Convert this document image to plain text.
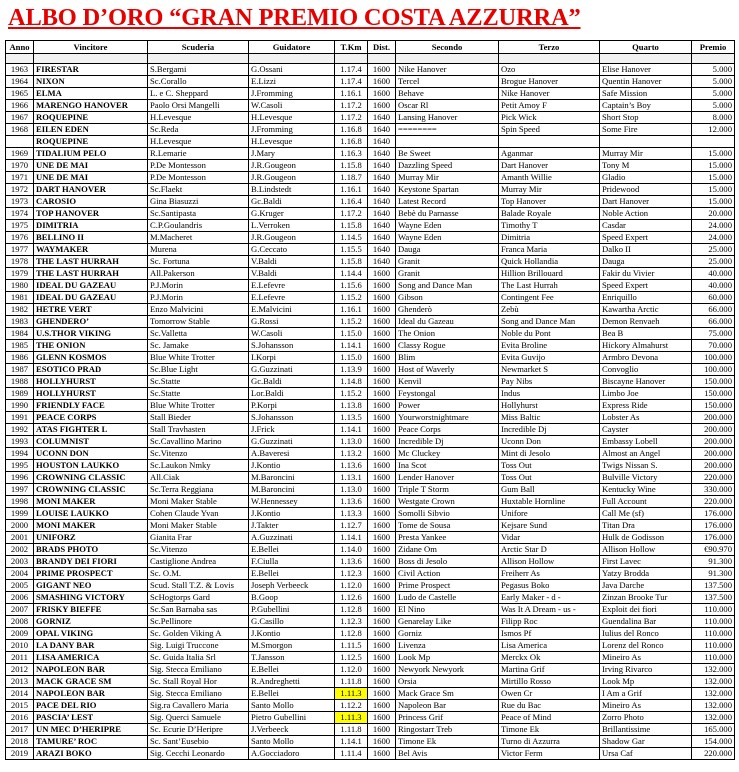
ALBO D’ORO “GRAN PREMIO COSTA AZZURRA”
Anno	Vincitore	Scuderia	Guidatore	T.Km	Dist.	Secondo	Terzo	Quarto	Premio

1963	FIRESTAR	S.Bergami	G.Ossani	1.17.4	1600	Nike Hanover	Ozo	Elise Hanover	5.000
1964	NIXON	Sc.Corallo	E.Lizzi	1.17.4	1600	Tercel	Brogue Hanover	Quentin Hanover	5.000
1965	ELMA	L. e C. Sheppard	J.Fromming	1.16.1	1600	Behave	Nike Hanover	Safe Mission	5.000
1966	MARENGO HANOVER	Paolo Orsi Mangelli	W.Casoli	1.17.2	1600	Oscar Rl	Petit Amoy F	Captain’s Boy	5.000
1967	ROQUEPINE	H.Levesque	H.Levesque	1.17.2	1640	Lansing Hanover	Pick Wick	Short Stop	8.000
1968	EILEN EDEN	Sc.Reda	J.Fromming	1.16.8	1640	========	Spin Speed	Some Fire	12.000
	ROQUEPINE	H.Levesque	H.Levesque	1.16.8	1640				
1969	TIDALIUM PELO	R.Lemarie	J.Mary	1.16.3	1640	Be Sweet	Aganmar	Murray Mir	15.000
1970	UNE DE MAI	P.De Montesson	J.R.Gougeon	1.15.8	1640	Dazzling Speed	Dart Hanover	Tony M	15.000
1971	UNE DE MAI	P.De Montesson	J.R.Gougeon	1.18.7	1640	Murray Mir	Amanth Willie	Gladio	15.000
1972	DART HANOVER	Sc.Flaekt	B.Lindstedt	1.16.1	1640	Keystone Spartan	Murray Mir	Pridewood	15.000
1973	CAROSIO	Gina Biasuzzi	Gc.Baldi	1.16.4	1640	Latest Record	Top Hanover	Dart Hanover	15.000
1974	TOP HANOVER	Sc.Santipasta	G.Kruger	1.17.2	1640	Bebè du Parnasse	Balade Royale	Noble Action	20.000
1975	DIMITRIA	C.P.Goulandris	L.Verroken	1.15.8	1640	Wayne Eden	Timothy T	Casdar	24.000
1976	BELLINO II	M.Macheret	J.R.Gougeon	1.14.5	1640	Wayne Eden	Dimitria	Speed Expert	24.000
1977	WAYMAKER	Murena	G.Ceccato	1.15.5	1640	Dauga	Franca Maria	Dalko II	25.000
1978	THE LAST HURRAH	Sc. Fortuna	V.Baldi	1.15.8	1640	Granit	Quick Hollandia	Dauga	25.000
1979	THE LAST HURRAH	All.Pakerson	V.Baldi	1.14.4	1600	Granit	Hillion Brillouard	Fakir du Vivier	40.000
1980	IDEAL DU GAZEAU	P.J.Morin	E.Lefevre	1.15.6	1600	Song and Dance Man	The Last Hurrah	Speed Expert	40.000
1981	IDEAL DU GAZEAU	P.J.Morin	E.Lefevre	1.15.2	1600	Gibson	Contingent Fee	Enriquillo	60.000
1982	HETRE VERT	Enzo Malvicini	E.Malvicini	1.16.1	1600	Ghenderò	Zebù	Kawartha Arctic	66.000
1983	GHENDERO’	Tomorrow Stable	G.Rossi	1.15.2	1600	Ideal du Gazeau	Song and Dance Man	Demon Renvaeh	66.000
1984	U.S.THOR VIKING	Sc.Valletta	W.Casoli	1.15.0	1600	The Onion	Noble du Pont	Bea B	75.000
1985	THE ONION	Sc. Jamake	S.Johansson	1.14.1	1600	Classy Rogue	Evita Broline	Hickory Almahurst	70.000
1986	GLENN KOSMOS	Blue White Trotter	I.Korpi	1.15.0	1600	Blim	Evita Guvijo	Armbro Devona	100.000
1987	ESOTICO PRAD	Sc.Blue Light	G.Guzzinati	1.13.9	1600	Host of Waverly	Newmarket S	Convoglio	100.000
1988	HOLLYHURST	Sc.Statte	Gc.Baldi	1.14.8	1600	Kenvil	Pay Nibs	Biscayne Hanover	150.000
1989	HOLLYHURST	Sc.Statte	Lor.Baldi	1.15.2	1600	Feystongal	Indus	Limbo Joe	150.000
1990	FRIENDLY FACE	Blue White Trotter	P.Korpi	1.13.8	1600	Power	Hollyhurst	Express Ride	150.000
1991	PEACE CORPS	Stall Bieder	S.Johansson	1.13.5	1600	Yourworstnightmare	Miss Baltic	Lobster As	200.000
1992	ATAS FIGHTER L	Stall Travhasten	J.Frick	1.14.1	1600	Peace Corps	Incredible Dj	Cayster	200.000
1993	COLUMNIST	Sc.Cavallino Marino	G.Guzzinati	1.13.0	1600	Incredible Dj	Uconn Don	Embassy Lobell	200.000
1994	UCONN DON	Sc.Vitenzo	A.Baveresi	1.13.2	1600	Mc Cluckey	Mint di Jesolo	Almost an Angel	200.000
1995	HOUSTON LAUKKO	Sc.Laukon Nmky	J.Kontio	1.13.6	1600	Ina Scot	Toss Out	Twigs Nissan S.	200.000
1996	CROWNING CLASSIC	All.Ciak	M.Baroncini	1.13.1	1600	Lender Hanover	Toss Out	Bulville Victory	220.000
1997	CROWNING CLASSIC	Sc.Terra Reggiana	M.Baroncini	1.13.0	1600	Triple T Storm	Gum Ball	Kentucky Wine	330.000
1998	MONI MAKER	Moni Maker Stable	W.Hennessey	1.13.6	1600	Westgate Crown	Huxtable Hornline	Full Account	220.000
1999	LOUISE LAUKKO	Cohen Claude Yvan	J.Kontio	1.13.3	1600	Somolli Sibvio	Unifore	Call Me (sf)	176.000
2000	MONI MAKER	Moni Maker Stable	J.Takter	1.12.7	1600	Tome de Sousa	Kejsare Sund	Titan Dra	176.000
2001	UNIFORZ	Gianita Frar	A.Guzzinati	1.14.1	1600	Presta Yankee	Vidar	Hulk de Godisson	176.000
2002	BRADS PHOTO	Sc.Vitenzo	E.Bellei	1.14.0	1600	Zidane Om	Arctic Star D	Allison Hollow	€90.970
2003	BRANDY DEI FIORI	Castiglione Andrea	F.Ciulla	1.13.6	1600	Boss di Jesolo	Allison Hollow	First Lavec	91.300
2004	PRIME PROSPECT	Sc. O.M.	E.Bellei	1.12.3	1600	Civil Action	Freiherr As	Yatzy Brodda	91.300
2005	GIGANT NEO	Scud. Stall T.Z. & Lovis	Joseph Verbeeck	1.12.0	1600	Prime Prospect	Pegasus Boko	Java Darche	137.500
2006	SMASHING VICTORY	ScHogtorps Gard	B.Goop	1.12.6	1600	Ludo de Castelle	Early Maker - d -	Zinzan Brooke Tur	137.500
2007	FRISKY BIEFFE	Sc.San Barnaba sas	P.Gubellini	1.12.8	1600	El Nino	Was It A Dream - us -	Exploit dei fiori	110.000
2008	GORNIZ	Sc.Pellinore	G.Casillo	1.12.3	1600	Genarelay Like	Filipp Roc	Guendalina Bar	110.000
2009	OPAL VIKING	Sc. Golden Viking A	J.Kontio	1.12.8	1600	Gorniz	Ismos Pf	Iulius del Ronco	110.000
2010	LA DANY BAR	Sig. Luigi Truccone	M.Smorgon	1.11.5	1600	Livenza	Lisa America	Lorenz del Ronco	110.000
2011	LISA AMERICA	Sc. Guida Italia Srl	T.Jansson	1.12.5	1600	Look Mp	Merckx Ok	Mineiro As	110.000
2012	NAPOLEON BAR	Sig. Stecca Emiliano	E.Bellei	1.12.0	1600	Newyork Newyork	Martina Grif	Irving Rivarco	132.000
2013	MACK GRACE SM	Sc. Stall Royal Hor	R.Andreghetti	1.11.8	1600	Orsia	Mirtillo Rosso	Look Mp	132.000
2014	NAPOLEON BAR	Sig. Stecca Emiliano	E.Bellei	1.11.3	1600	Mack Grace Sm	Owen Cr	I Am a Grif	132.000
2015	PACE DEL RIO	Sig.ra Cavallero Maria	Santo Mollo	1.12.2	1600	Napoleon Bar	Rue du Bac	Mineiro As	132.000
2016	PASCIA’ LEST	Sig. Querci Samuele	Pietro Gubellini	1.11.3	1600	Princess Grif	Peace of Mind	Zorro Photo	132.000
2017	UN MEC D’HERIPRE	Sc. Ecurie D’Heripre	J.Verbeeck	1.11.8	1600	Ringostarr Treb	Timone Ek	Brillantissime	165.000
2018	TAMURE’ ROC	Sc. Sant’Eusebio	Santo Mollo	1.14.1	1600	Timone Ek	Turno di Azzurra	Shadow Gar	154.000
2019	ARAZI BOKO	Sig. Cecchi Leonardo	A.Gocciadoro	1.11.4	1600	Bel Avis	Victor Ferm	Ursa Caf	220.000
